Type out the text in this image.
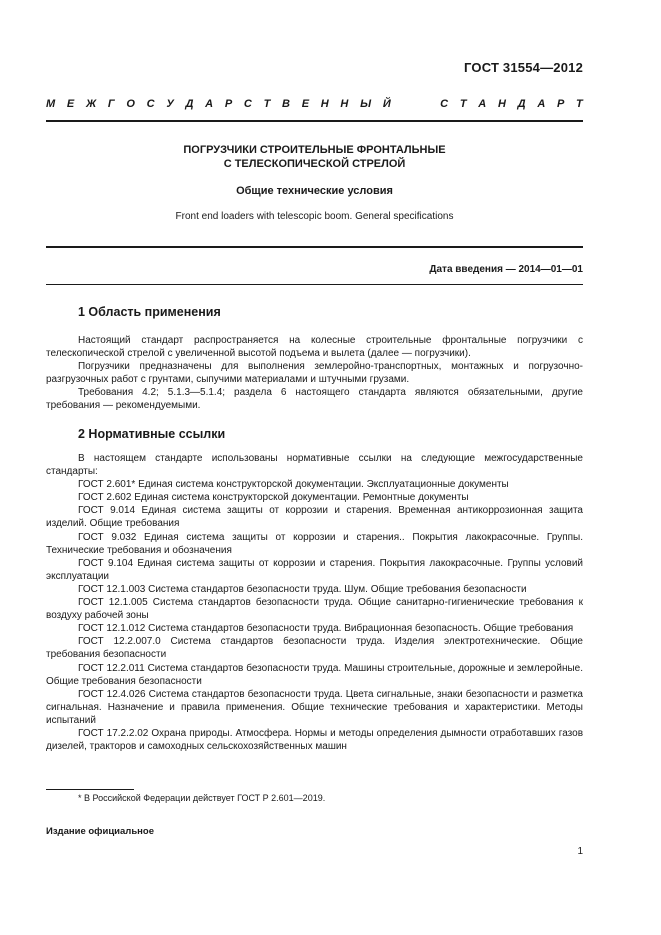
ГОСТ 31554—2012
М Е Ж Г О С У Д А Р С Т В Е Н Н Ы Й	С Т А Н Д А Р Т
ПОГРУЗЧИКИ СТРОИТЕЛЬНЫЕ ФРОНТАЛЬНЫЕ
С ТЕЛЕСКОПИЧЕСКОЙ СТРЕЛОЙ
Общие технические условия
Front end loaders with telescopic boom. General specifications
Дата введения — 2014—01—01
1 Область применения

Настоящий стандарт распространяется на колесные строительные фронтальные погрузчики с телескопической стрелой с увеличенной высотой подъема и вылета (далее — погрузчики).

Погрузчики предназначены для выполнения землеройно-транспортных, монтажных и погрузочно-разгрузочных работ с грунтами, сыпучими материалами и штучными грузами.

Требования 4.2; 5.1.3—5.1.4; раздела 6 настоящего стандарта являются обязательными, другие требования — рекомендуемыми.

2 Нормативные ссылки

В настоящем стандарте использованы нормативные ссылки на следующие межгосударственные стандарты:

ГОСТ 2.601* Единая система конструкторской документации. Эксплуатационные документы

ГОСТ 2.602 Единая система конструкторской документации. Ремонтные документы

ГОСТ 9.014 Единая система защиты от коррозии и старения. Временная антикоррозионная защита изделий. Общие требования

ГОСТ 9.032 Единая система защиты от коррозии и старения.. Покрытия лакокрасочные. Группы. Технические требования и обозначения

ГОСТ 9.104 Единая система защиты от коррозии и старения. Покрытия лакокрасочные. Группы условий эксплуатации

ГОСТ 12.1.003 Система стандартов безопасности труда. Шум. Общие требования безопасности

ГОСТ 12.1.005 Система стандартов безопасности труда. Общие санитарно-гигиенические требования к воздуху рабочей зоны

ГОСТ 12.1.012 Система стандартов безопасности труда. Вибрационная безопасность. Общие требования

ГОСТ 12.2.007.0 Система стандартов безопасности труда. Изделия электротехнические. Общие требования безопасности

ГОСТ 12.2.011 Система стандартов безопасности труда. Машины строительные, дорожные и землеройные. Общие требования безопасности

ГОСТ 12.4.026 Система стандартов безопасности труда. Цвета сигнальные, знаки безопасности и разметка сигнальная. Назначение и правила применения. Общие технические требования и характеристики. Методы испытаний

ГОСТ 17.2.2.02 Охрана природы. Атмосфера. Нормы и методы определения дымности отработавших газов дизелей, тракторов и самоходных сельскохозяйственных машин

* В Российской Федерации действует ГОСТ Р 2.601—2019.
Издание официальное
1
